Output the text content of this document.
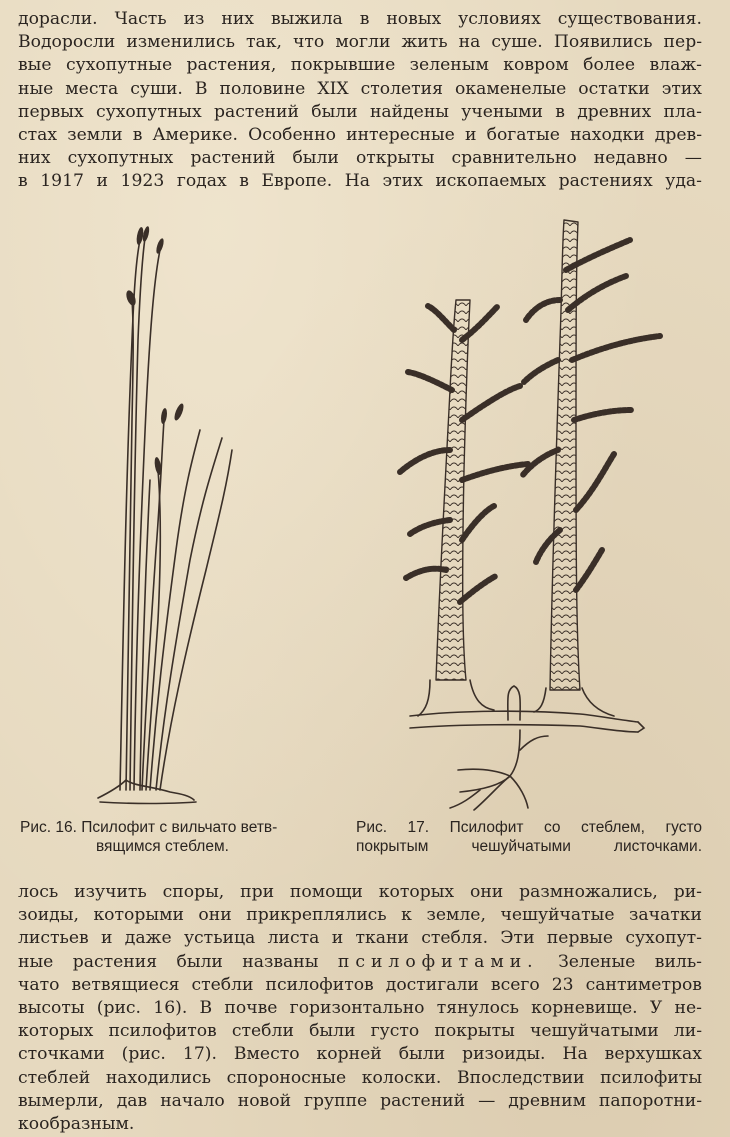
дорасли. Часть из них выжила в новых условиях существования.
Водоросли изменились так, что могли жить на суше. Появились пер-
вые сухопутные растения, покрывшие зеленым ковром более влаж-
ные места суши. В половине XIX столетия окаменелые остатки этих
первых сухопутных растений были найдены учеными в древних пла-
стах земли в Америке. Особенно интересные и богатые находки древ-
них сухопутных растений были открыты сравнительно недавно —
в 1917 и 1923 годах в Европе. На этих ископаемых растениях уда-
Рис. 16. Псилофит с вильчато ветв-
вящимся стеблем.
Рис. 17. Псилофит со стеблем, густо
покрытым чешуйчатыми листочками.
лось изучить споры, при помощи которых они размножались, ри-
зоиды, которыми они прикреплялись к земле, чешуйчатые зачатки
листьев и даже устьица листа и ткани стебля. Эти первые сухопут-
ные растения были названы псилофитами. Зеленые виль-
чато ветвящиеся стебли псилофитов достигали всего 23 сантиметров
высоты (рис. 16). В почве горизонтально тянулось корневище. У не-
которых псилофитов стебли были густо покрыты чешуйчатыми ли-
сточками (рис. 17). Вместо корней были ризоиды. На верхушках
стеблей находились спороносные колоски. Впоследствии псилофиты
вымерли, дав начало новой группе растений — древним папоротни-
кообразным.
